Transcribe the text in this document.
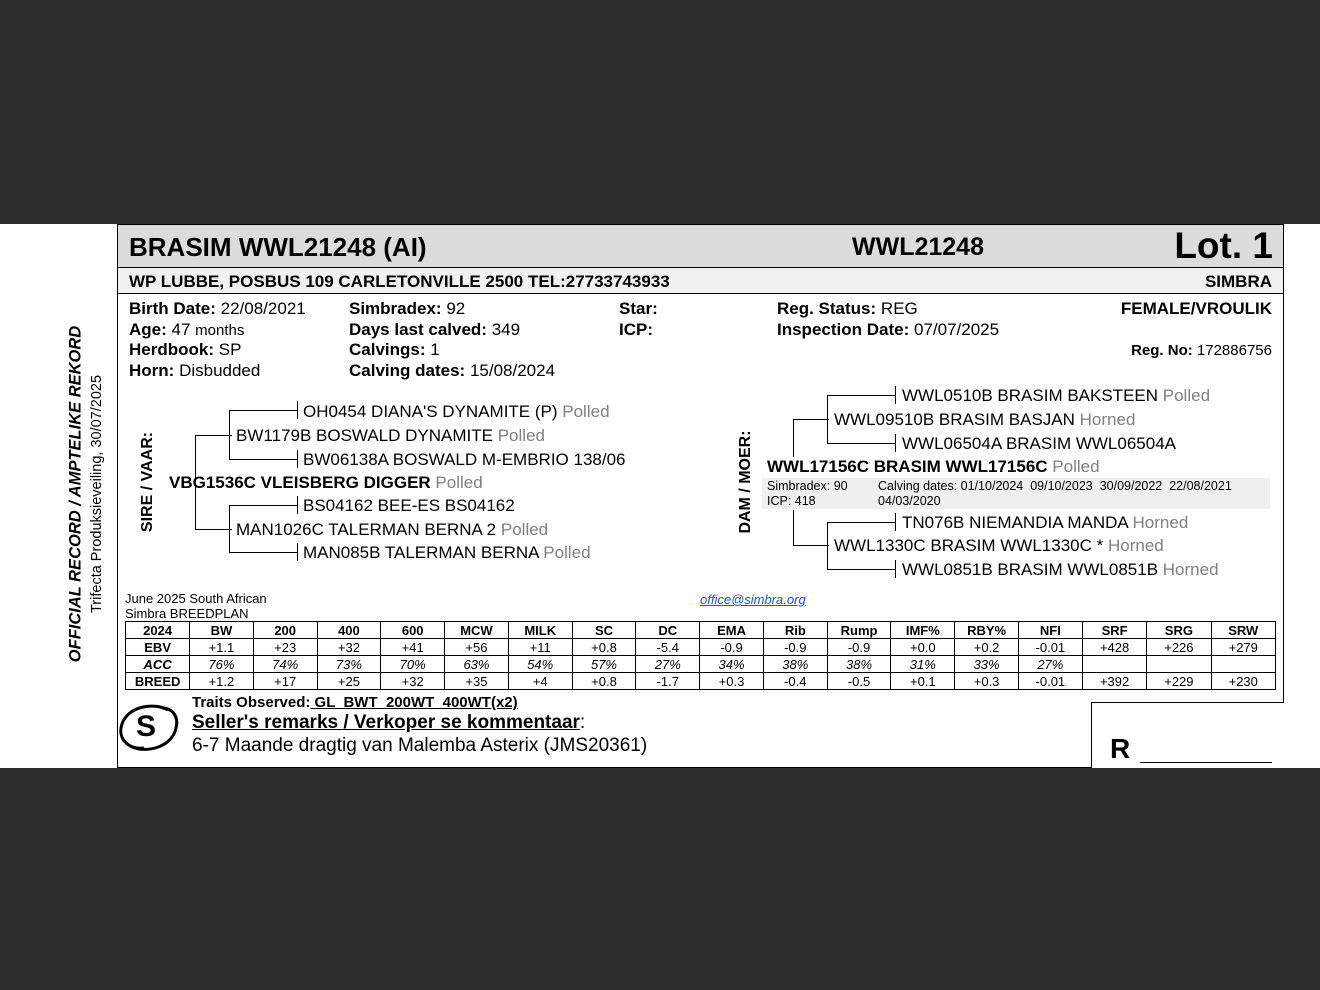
OFFICIAL RECORD / AMPTELIKE REKORD Trifecta Produksieveiling, 30/07/2025
BRASIM WWL21248 (AI)	WWL21248	Lot. 1
WP LUBBE, POSBUS 109 CARLETONVILLE 2500 TEL:27733743933	SIMBRA
Birth Date: 22/08/2021
Age: 47 months
Herdbook: SP
Horn: Disbudded
Simbradex: 92
Days last calved: 349
Calvings: 1
Calving dates: 15/08/2024
Star:
ICP:
Reg. Status: REG
Inspection Date: 07/07/2025
FEMALE/VROULIK
Reg. No: 172886756
SIRE / VAAR:
OH0454 DIANA'S DYNAMITE (P) Polled
BW1179B BOSWALD DYNAMITE Polled
BW06138A BOSWALD M-EMBRIO 138/06
VBG1536C VLEISBERG DIGGER Polled
BS04162 BEE-ES BS04162
MAN1026C TALERMAN BERNA 2 Polled
MAN085B TALERMAN BERNA Polled
DAM / MOER:
WWL0510B BRASIM BAKSTEEN Polled
WWL09510B BRASIM BASJAN Horned
WWL06504A BRASIM WWL06504A
WWL17156C BRASIM WWL17156C Polled
Simbradex: 90
ICP: 418
Calving dates: 01/10/2024  09/10/2023  30/09/2022  22/08/2021
04/03/2020
TN076B NIEMANDIA MANDA Horned
WWL1330C BRASIM WWL1330C * Horned
WWL0851B BRASIM WWL0851B Horned
June 2025 South African
Simbra BREEDPLAN
office@simbra.org
2024	BW	200	400	600	MCW	MILK	SC	DC	EMA	Rib	Rump	IMF%	RBY%	NFI	SRF	SRG	SRW
EBV	+1.1	+23	+32	+41	+56	+11	+0.8	-5.4	-0.9	-0.9	-0.9	+0.0	+0.2	-0.01	+428	+226	+279
ACC	76%	74%	73%	70%	63%	54%	57%	27%	34%	38%	38%	31%	33%	27%			
BREED	+1.2	+17	+25	+32	+35	+4	+0.8	-1.7	+0.3	-0.4	-0.5	+0.1	+0.3	-0.01	+392	+229	+230
S
Traits Observed: GL  BWT  200WT  400WT(x2)
Seller's remarks / Verkoper se kommentaar:
6-7 Maande dragtig van Malemba Asterix (JMS20361)	R
